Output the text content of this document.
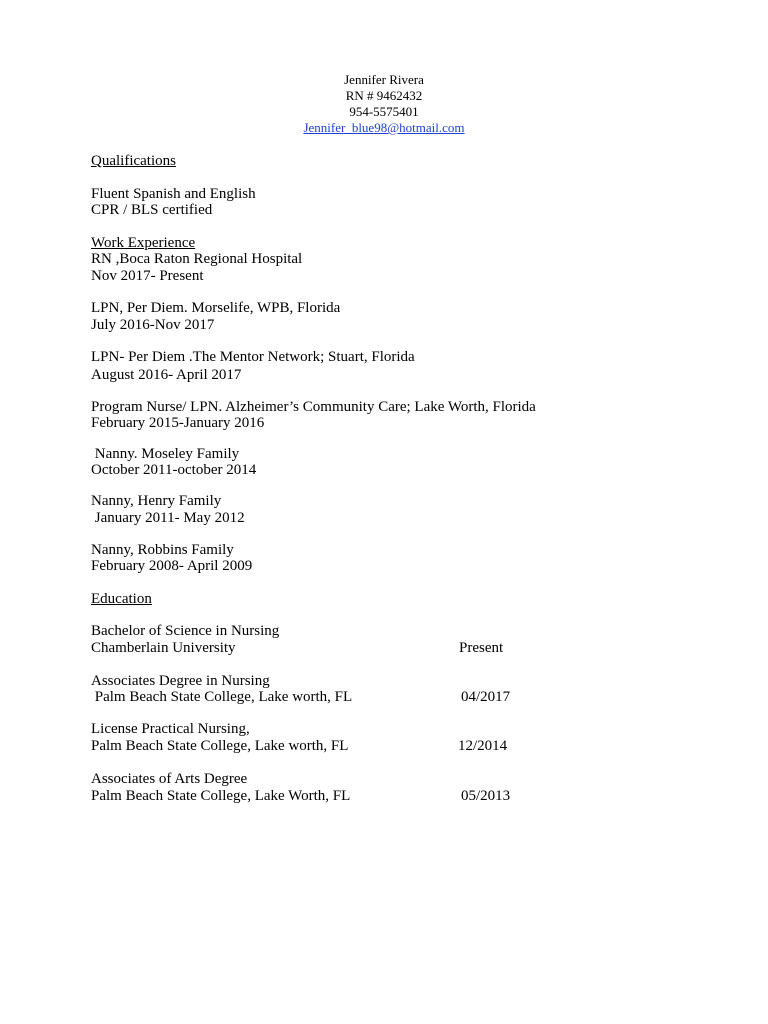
Jennifer Rivera
RN # 9462432
954-5575401
Jennifer_blue98@hotmail.com
Qualifications
Fluent Spanish and English
CPR / BLS certified
Work Experience
RN ,Boca Raton Regional Hospital
Nov 2017- Present
LPN, Per Diem. Morselife, WPB, Florida
July 2016-Nov 2017
LPN- Per Diem .The Mentor Network; Stuart, Florida
August 2016- April 2017
Program Nurse/ LPN. Alzheimer’s Community Care; Lake Worth, Florida
February 2015-January 2016
Nanny. Moseley Family
October 2011-october 2014
Nanny, Henry Family
January 2011- May 2012
Nanny, Robbins Family
February 2008- April 2009
Education
Bachelor of Science in Nursing
Chamberlain University	Present
Associates Degree in Nursing
Palm Beach State College, Lake worth, FL	04/2017
License Practical Nursing,
Palm Beach State College, Lake worth, FL	12/2014
Associates of Arts Degree
Palm Beach State College, Lake Worth, FL	05/2013
